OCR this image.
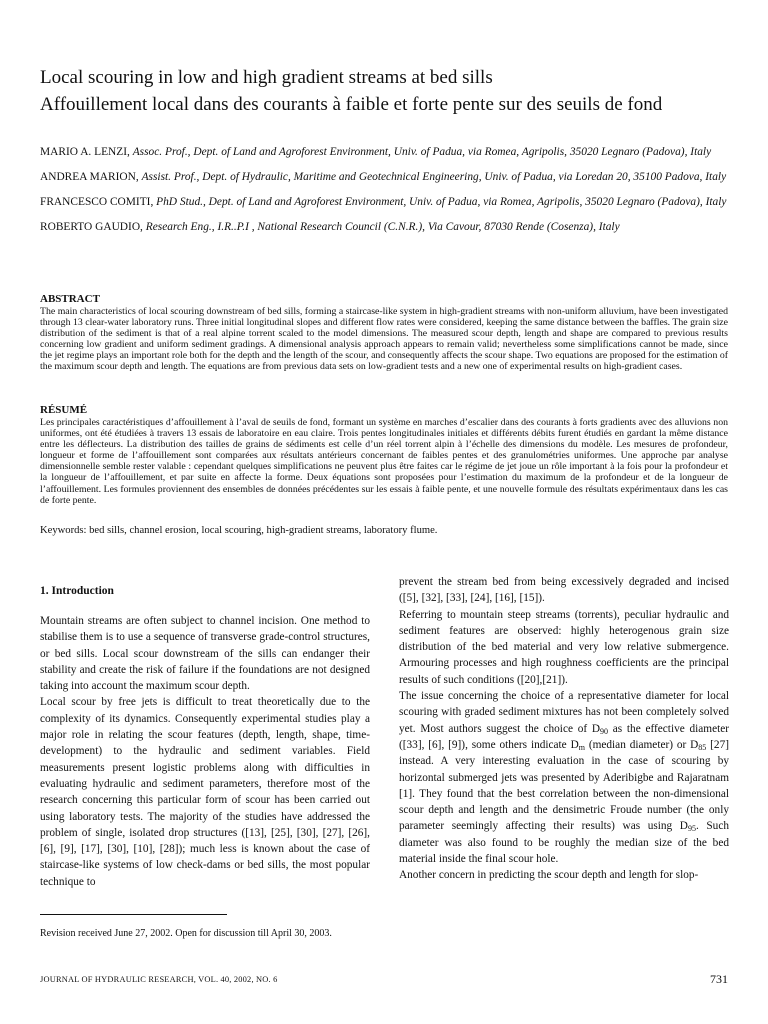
Local scouring in low and high gradient streams at bed sills
Affouillement local dans des courants à faible et forte pente sur des seuils de fond

MARIO A. LENZI, Assoc. Prof., Dept. of Land and Agroforest Environment, Univ. of Padua, via Romea, Agripolis, 35020 Legnaro (Padova), Italy

ANDREA MARION, Assist. Prof., Dept. of Hydraulic, Maritime and Geotechnical Engineering, Univ. of Padua, via Loredan 20, 35100 Padova, Italy

FRANCESCO COMITI, PhD Stud., Dept. of Land and Agroforest Environment, Univ. of Padua, via Romea, Agripolis, 35020 Legnaro (Padova), Italy

ROBERTO GAUDIO, Research Eng., I.R..P.I , National Research Council (C.N.R.), Via Cavour, 87030 Rende (Cosenza), Italy

ABSTRACT

The main characteristics of local scouring downstream of bed sills, forming a staircase-like system in high-gradient streams with non-uniform alluvium, have been investigated through 13 clear-water laboratory runs. Three initial longitudinal slopes and different flow rates were considered, keeping the same distance between the baffles. The grain size distribution of the sediment is that of a real alpine torrent scaled to the model dimensions. The measured scour depth, length and shape are compared to previous results concerning low gradient and uniform sediment gradings. A dimensional analysis approach appears to remain valid; nevertheless some simplifications cannot be made, since the jet regime plays an important role both for the depth and the length of the scour, and consequently affects the scour shape. Two equations are proposed for the estimation of the maximum scour depth and length. The equations are from previous data sets on low-gradient tests and a new one of experimental results on high-gradient cases.

RÉSUMÉ

Les principales caractéristiques d’affouillement à l’aval de seuils de fond, formant un système en marches d’escalier dans des courants à forts gradients avec des alluvions non uniformes, ont été étudiées à travers 13 essais de laboratoire en eau claire. Trois pentes longitudinales initiales et différents débits furent étudiés en gardant la même distance entre les déflecteurs. La distribution des tailles de grains de sédiments est celle d’un réel torrent alpin à l’échelle des dimensions du modèle. Les mesures de profondeur, longueur et forme de l’affouillement sont comparées aux résultats antérieurs concernant de faibles pentes et des granulométries uniformes. Une approche par analyse dimensionnelle semble rester valable : cependant quelques simplifications ne peuvent plus être faites car le régime de jet joue un rôle important à la fois pour la profondeur et la longueur de l’affouillement, et par suite en affecte la forme. Deux équations sont proposées pour l’estimation du maximum de la profondeur et de la longueur de l’affouillement. Les formules proviennent des ensembles de données précédentes sur les essais à faible pente, et une nouvelle formule des résultats expérimentaux dans les cas de forte pente.

Keywords: bed sills, channel erosion, local scouring, high-gradient streams, laboratory flume.

1. Introduction

Mountain streams are often subject to channel incision. One method to stabilise them is to use a sequence of transverse grade-control structures, or bed sills. Local scour downstream of the sills can endanger their stability and create the risk of failure if the foundations are not designed taking into account the maximum scour depth.

Local scour by free jets is difficult to treat theoretically due to the complexity of its dynamics. Consequently experimental studies play a major role in relating the scour features (depth, length, shape, time-development) to the hydraulic and sediment variables. Field measurements present logistic problems along with difficulties in evaluating hydraulic and sediment parameters, therefore most of the research concerning this particular form of scour has been carried out using laboratory tests. The majority of the studies have addressed the problem of single, isolated drop structures ([13], [25], [30], [27], [26], [6], [9], [17], [30], [10], [28]); much less is known about the case of staircase-like systems of low check-dams or bed sills, the most popular technique to

prevent the stream bed from being excessively degraded and incised ([5], [32], [33], [24], [16], [15]).

Referring to mountain steep streams (torrents), peculiar hydraulic and sediment features are observed: highly heterogenous grain size distribution of the bed material and very low relative submergence. Armouring processes and high roughness coefficients are the principal results of such conditions ([20],[21]).

The issue concerning the choice of a representative diameter for local scouring with graded sediment mixtures has not been completely solved yet. Most authors suggest the choice of $D_{90}$ as the effective diameter ([33], [6], [9]), some others indicate $D_m$ (median diameter) or $D_{85}$ [27] instead. A very interesting evaluation in the case of scouring by horizontal submerged jets was presented by Aderibigbe and Rajaratnam [1]. They found that the best correlation between the non-dimensional scour depth and length and the densimetric Froude number (the only parameter seemingly affecting their results) was using $D_{95}$. Such diameter was also found to be roughly the median size of the bed material inside the final scour hole.

Another concern in predicting the scour depth and length for slop-

Revision received June 27, 2002. Open for discussion till April 30, 2003.

JOURNAL OF HYDRAULIC RESEARCH, VOL. 40, 2002, NO. 6	731
